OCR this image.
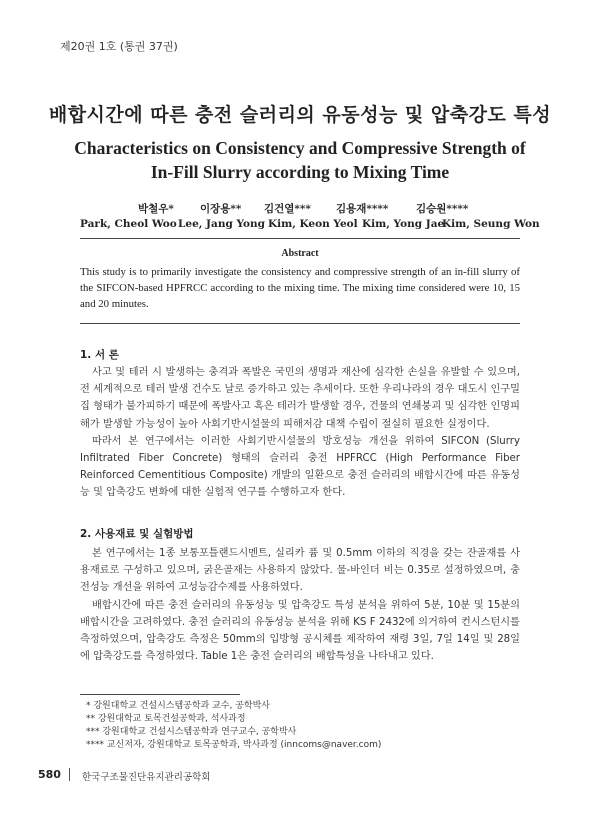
제20권 1호 (통권 37권)
배합시간에 따른 충전 슬러리의 유동성능 및 압축강도 특성
Characteristics on Consistency and Compressive Strength of
In-Fill Slurry according to Mixing Time
박철우* 이장용** 김건열*** 김용재****	김승원****
Park, Cheol Woo Lee, Jang Yong Kim, Keon Yeol Kim, Yong Jae
Kim, Seung Won
Abstract
This study is to primarily investigate the consistency and compressive strength of an in-fill slurry of the SIFCON-based HPFRCC according to the mixing time. The mixing time considered were 10, 15 and 20 minutes.
1. 서 론

사고 및 테러 시 발생하는 충격과 폭발은 국민의 생명과 재산에 심각한 손실을 유발할 수 있으며, 전 세계적으로 테러 발생 건수도 날로 증가하고 있는 추세이다. 또한 우리나라의 경우 대도시 인구밀집 형태가 불가피하기 때문에 폭발사고 혹은 테러가 발생할 경우, 건물의 연쇄붕괴 및 심각한 인명피해가 발생할 가능성이 높아 사회기반시설물의 피해저감 대책 수립이 절실히 필요한 실정이다.

따라서 본 연구에서는 이러한 사회기반시설물의 방호성능 개선을 위하여 SIFCON (Slurry Infiltrated Fiber Concrete) 형태의 슬러리 충전 HPFRCC (High Performance Fiber Reinforced Cementitious Composite) 개발의 일환으로 충전 슬러리의 배합시간에 따른 유동성능 및 압축강도 변화에 대한 실험적 연구를 수행하고자 한다.

2. 사용재료 및 실험방법

본 연구에서는 1종 보통포틀랜드시멘트, 실리카 퓸 및 0.5mm 이하의 직경을 갖는 잔골재를 사용재료로 구성하고 있으며, 굵은골재는 사용하지 않았다. 물-바인더 비는 0.35로 설정하였으며, 충전성능 개선을 위하여 고성능감수제를 사용하였다.

배합시간에 따른 충전 슬러리의 유동성능 및 압축강도 특성 분석을 위하여 5분, 10분 및 15분의 배합시간을 고려하였다. 충전 슬러리의 유동성능 분석을 위해 KS F 2432에 의거하여 컨시스턴시를 측정하였으며, 압축강도 측정은 50mm의 입방형 공시체를 제작하여 재령 3일, 7일 14일 및 28일에 압축강도를 측정하였다. Table 1은 충전 슬러리의 배합특성을 나타내고 있다.

* 강원대학교 건설시스템공학과 교수, 공학박사
** 강원대학교 토목건설공학과, 석사과정
*** 강원대학교 건설시스템공학과 연구교수, 공학박사
**** 교신저자, 강원대학교 토목공학과, 박사과정 (inncoms@naver.com)
580	한국구조물진단유지관리공학회
